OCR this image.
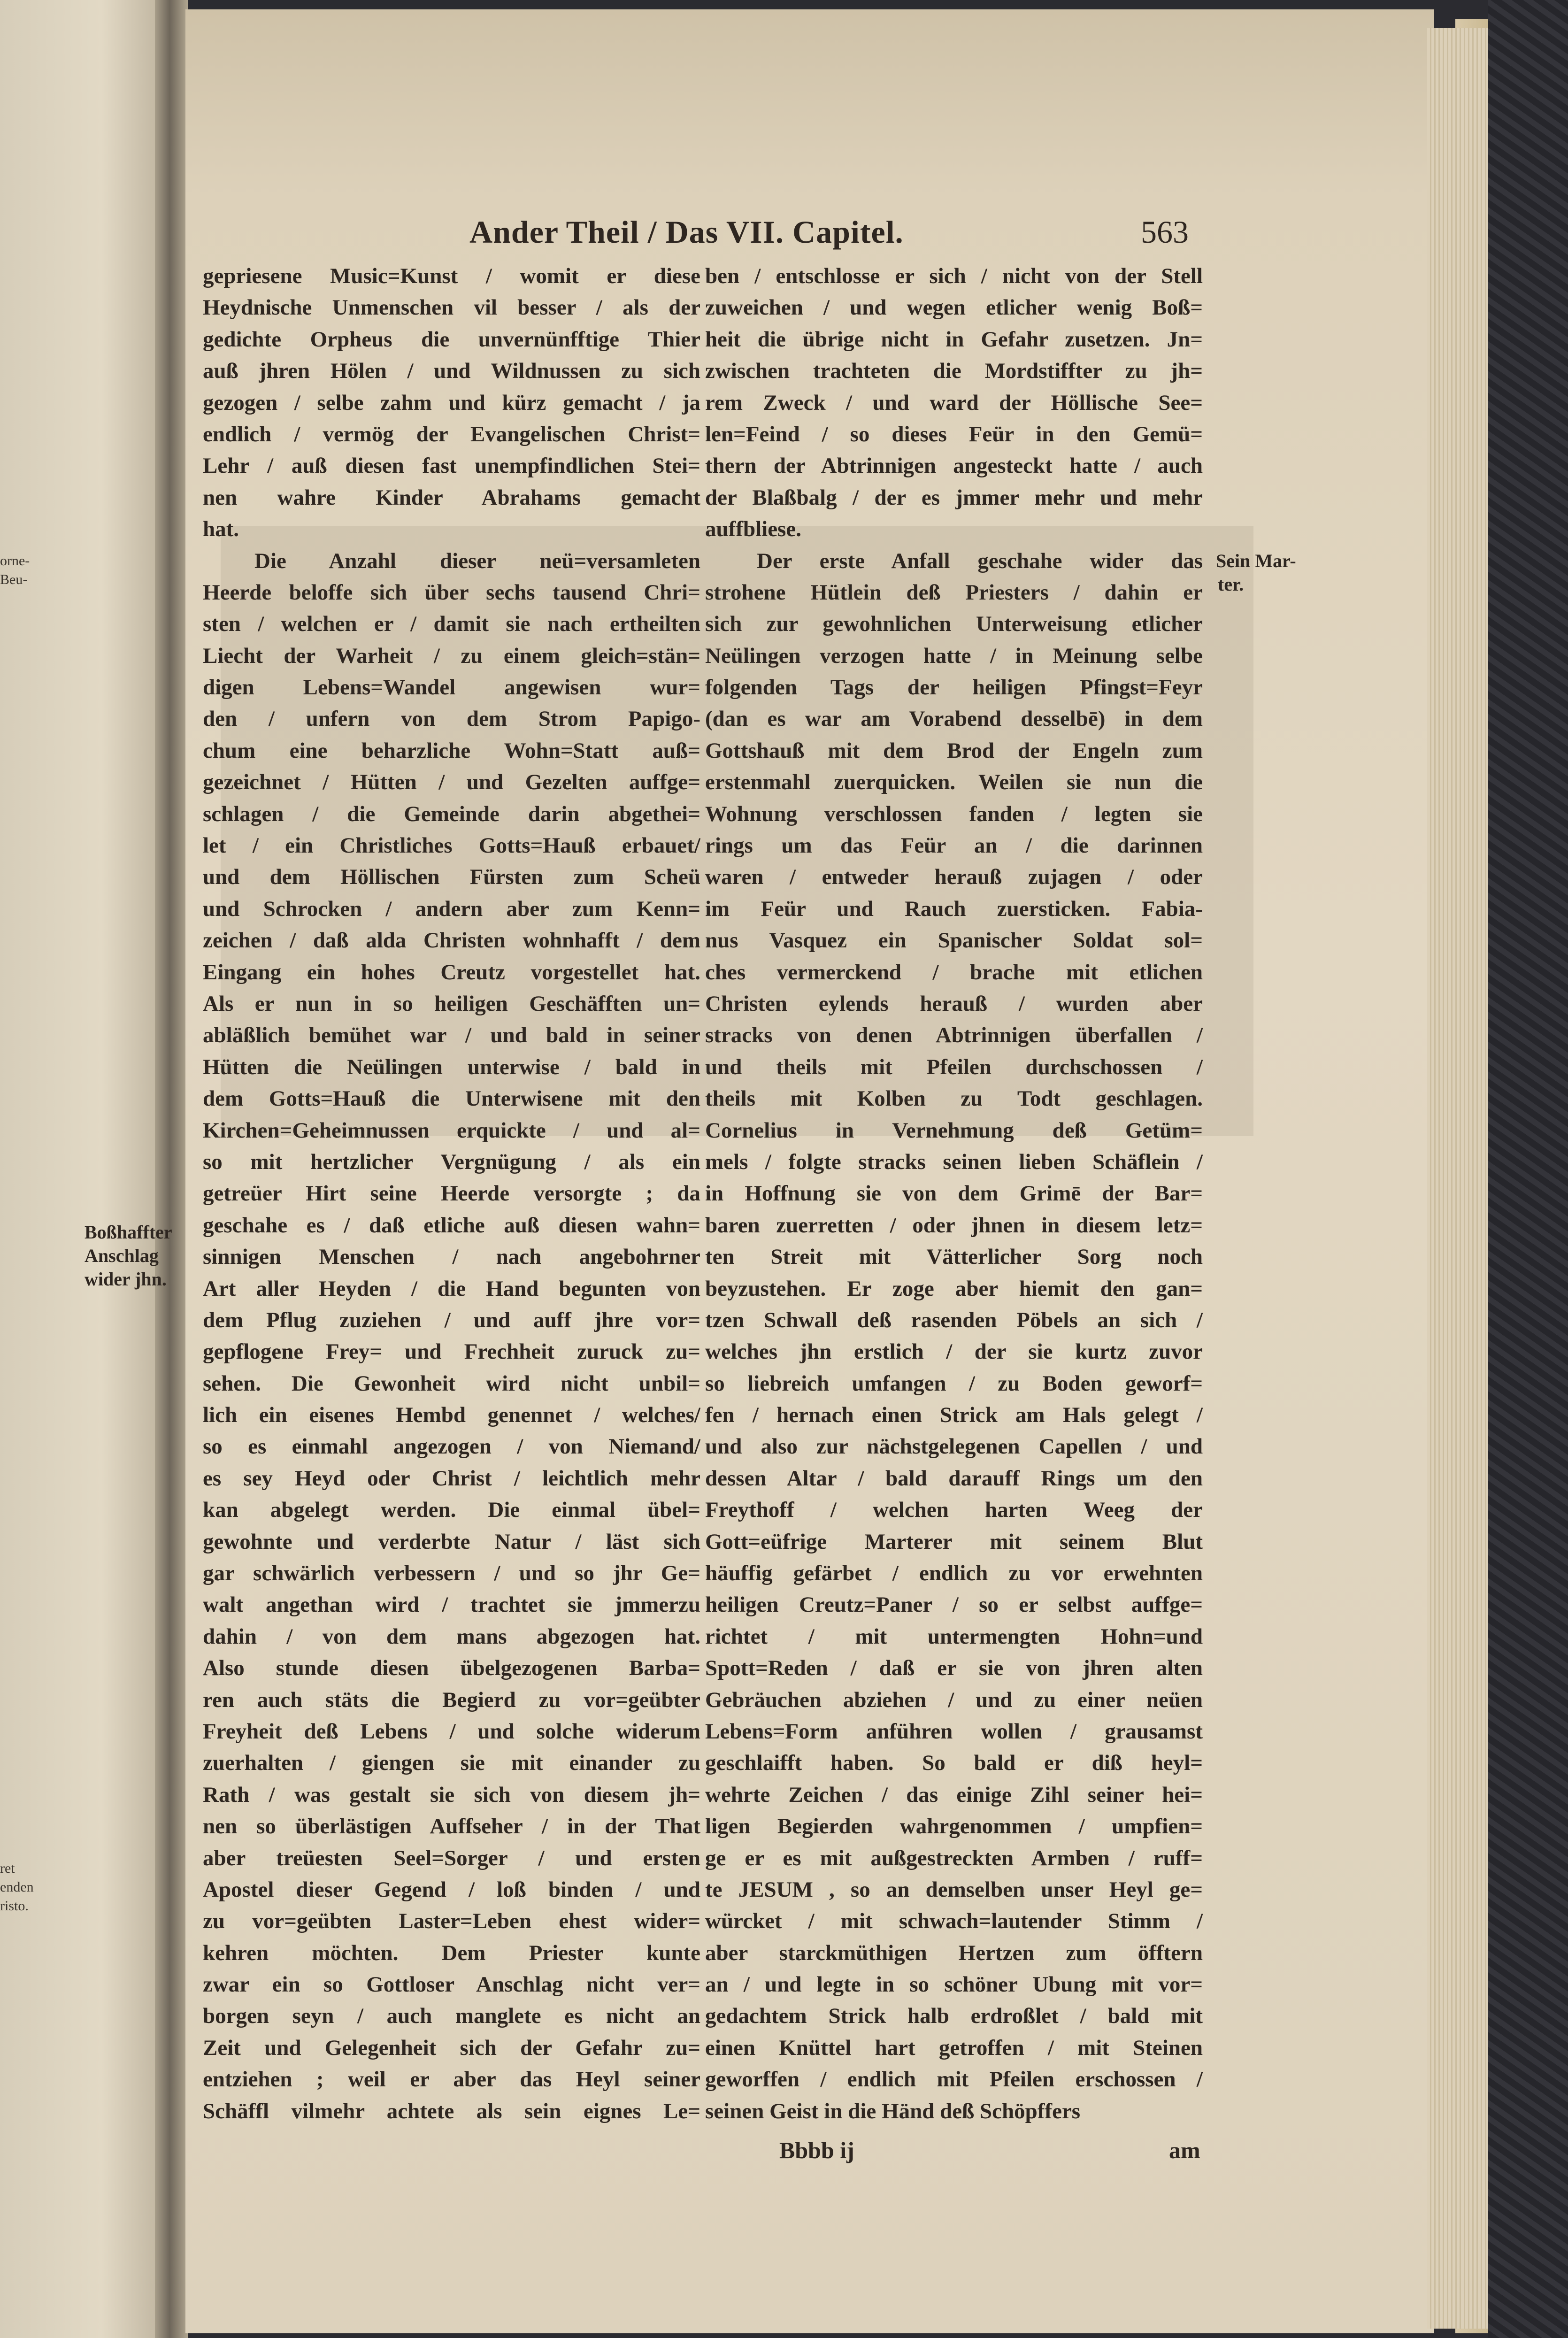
orne-
Beu-
ret
enden
risto.
Ander Theil / Das VII. Capitel.	563
gepriesene Music=Kunst / womit er diese
Heydnische Unmenschen vil besser / als der
gedichte Orpheus die unvernünfftige Thier
auß jhren Hölen / und Wildnussen zu sich
gezogen / selbe zahm und kürz gemacht / ja
endlich / vermög der Evangelischen Christ=
Lehr / auß diesen fast unempfindlichen Stei=
nen wahre Kinder Abrahams gemacht
hat.
Die Anzahl dieser neü=versamleten
Heerde beloffe sich über sechs tausend Chri=
sten / welchen er / damit sie nach ertheilten
Liecht der Warheit / zu einem gleich=stän=
digen Lebens=Wandel angewisen wur=
den / unfern von dem Strom Papigo-
chum eine beharzliche Wohn=Statt auß=
gezeichnet / Hütten / und Gezelten auffge=
schlagen / die Gemeinde darin abgethei=
let / ein Christliches Gotts=Hauß erbauet/
und dem Höllischen Fürsten zum Scheü
und Schrocken / andern aber zum Kenn=
zeichen / daß alda Christen wohnhafft / dem
Eingang ein hohes Creutz vorgestellet hat.
Als er nun in so heiligen Geschäfften un=
abläßlich bemühet war / und bald in seiner
Hütten die Neülingen unterwise / bald in
dem Gotts=Hauß die Unterwisene mit den
Kirchen=Geheimnussen erquickte / und al=
so mit hertzlicher Vergnügung / als ein
getreüer Hirt seine Heerde versorgte ; da
geschahe es / daß etliche auß diesen wahn=
sinnigen Menschen / nach angebohrner
Art aller Heyden / die Hand begunten von
dem Pflug zuziehen / und auff jhre vor=
gepflogene Frey= und Frechheit zuruck zu=
sehen. Die Gewonheit wird nicht unbil=
lich ein eisenes Hembd genennet / welches/
so es einmahl angezogen / von Niemand/
es sey Heyd oder Christ / leichtlich mehr
kan abgelegt werden. Die einmal übel=
gewohnte und verderbte Natur / läst sich
gar schwärlich verbessern / und so jhr Ge=
walt angethan wird / trachtet sie jmmerzu
dahin / von dem mans abgezogen hat.
Also stunde diesen übelgezogenen Barba=
ren auch stäts die Begierd zu vor=geübter
Freyheit deß Lebens / und solche widerum
zuerhalten / giengen sie mit einander zu
Rath / was gestalt sie sich von diesem jh=
nen so überlästigen Auffseher / in der That
aber treüesten Seel=Sorger / und ersten
Apostel dieser Gegend / loß binden / und
zu vor=geübten Laster=Leben ehest wider=
kehren möchten. Dem Priester kunte
zwar ein so Gottloser Anschlag nicht ver=
borgen seyn / auch manglete es nicht an
Zeit und Gelegenheit sich der Gefahr zu=
entziehen ; weil er aber das Heyl seiner
Schäffl vilmehr achtete als sein eignes Le=
ben / entschlosse er sich / nicht von der Stell
zuweichen / und wegen etlicher wenig Boß=
heit die übrige nicht in Gefahr zusetzen. Jn=
zwischen trachteten die Mordstiffter zu jh=
rem Zweck / und ward der Höllische See=
len=Feind / so dieses Feür in den Gemü=
thern der Abtrinnigen angesteckt hatte / auch
der Blaßbalg / der es jmmer mehr und mehr
auffbliese.
Der erste Anfall geschahe wider das
strohene Hütlein deß Priesters / dahin er
sich zur gewohnlichen Unterweisung etlicher
Neülingen verzogen hatte / in Meinung selbe
folgenden Tags der heiligen Pfingst=Feyr
(dan es war am Vorabend desselbē) in dem
Gottshauß mit dem Brod der Engeln zum
erstenmahl zuerquicken. Weilen sie nun die
Wohnung verschlossen fanden / legten sie
rings um das Feür an / die darinnen
waren / entweder herauß zujagen / oder
im Feür und Rauch zuersticken. Fabia-
nus Vasquez ein Spanischer Soldat sol=
ches vermerckend / brache mit etlichen
Christen eylends herauß / wurden aber
stracks von denen Abtrinnigen überfallen /
und theils mit Pfeilen durchschossen /
theils mit Kolben zu Todt geschlagen.
Cornelius in Vernehmung deß Getüm=
mels / folgte stracks seinen lieben Schäflein /
in Hoffnung sie von dem Grimē der Bar=
baren zuerretten / oder jhnen in diesem letz=
ten Streit mit Vätterlicher Sorg noch
beyzustehen. Er zoge aber hiemit den gan=
tzen Schwall deß rasenden Pöbels an sich /
welches jhn erstlich / der sie kurtz zuvor
so liebreich umfangen / zu Boden geworf=
fen / hernach einen Strick am Hals gelegt /
und also zur nächstgelegenen Capellen / und
dessen Altar / bald darauff Rings um den
Freythoff / welchen harten Weeg der
Gott=eüfrige Marterer mit seinem Blut
häuffig gefärbet / endlich zu vor erwehnten
heiligen Creutz=Paner / so er selbst auffge=
richtet / mit untermengten Hohn=und
Spott=Reden / daß er sie von jhren alten
Gebräuchen abziehen / und zu einer neüen
Lebens=Form anführen wollen / grausamst
geschlaifft haben. So bald er diß heyl=
wehrte Zeichen / das einige Zihl seiner hei=
ligen Begierden wahrgenommen / umpfien=
ge er es mit außgestreckten Armben / ruff=
te JESUM , so an demselben unser Heyl ge=
würcket / mit schwach=lautender Stimm /
aber starckmüthigen Hertzen zum öfftern
an / und legte in so schöner Ubung mit vor=
gedachtem Strick halb erdroßlet / bald mit
einen Knüttel hart getroffen / mit Steinen
geworffen / endlich mit Pfeilen erschossen /
seinen Geist in die Händ deß Schöpffers
Boßhaffter
Anschlag
wider jhn.
Sein Mar-
ter.
Bbbb ij	am
